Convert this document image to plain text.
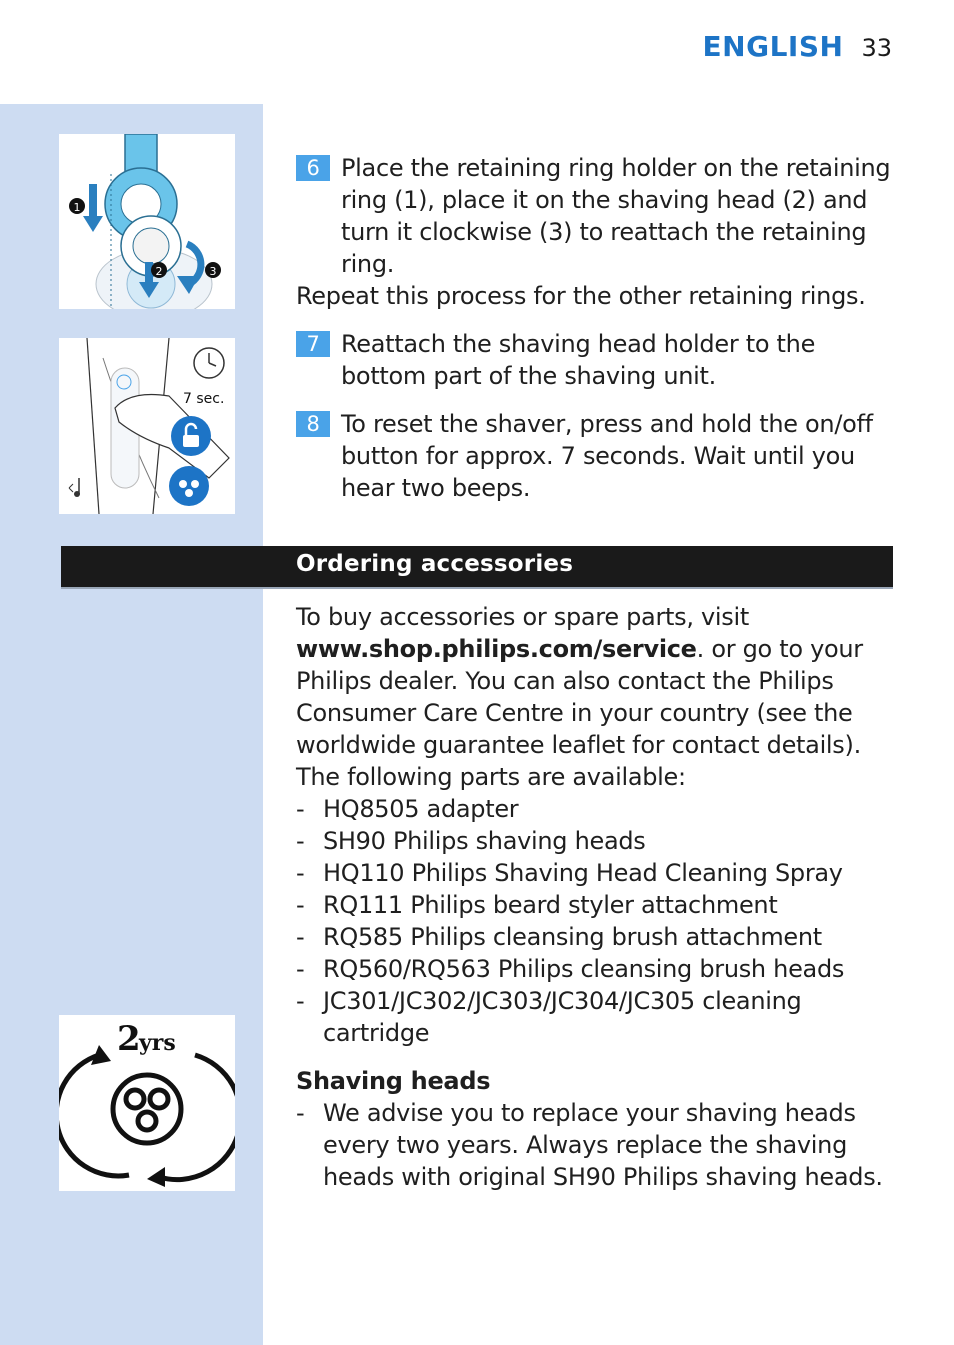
ENGLISH 33
1
2	3
7 sec.
2
yrs
6 Place the retaining ring holder on the retaining ring (1), place it on the shaving head (2) and turn it clockwise (3) to reattach the retaining ring.

Repeat this process for the other retaining rings.

7 Reattach the shaving head holder to the bottom part of the shaving unit.
8 To reset the shaver, press and hold the on/off button for approx. 7 seconds. Wait until you hear two beeps.
Ordering accessories

To buy accessories or spare parts, visit www.shop.philips.com/service. or go to your Philips dealer. You can also contact the Philips Consumer Care Centre in your country (see the worldwide guarantee leaflet for contact details).

The following parts are available:

- HQ8505 adapter
- SH90 Philips shaving heads
- HQ110 Philips Shaving Head Cleaning Spray
- RQ111 Philips beard styler attachment
- RQ585 Philips cleansing brush attachment
- RQ560/RQ563 Philips cleansing brush heads
- JC301/JC302/JC303/JC304/JC305 cleaning cartridge

Shaving heads

- We advise you to replace your shaving heads every two years. Always replace the shaving heads with original SH90 Philips shaving heads.
